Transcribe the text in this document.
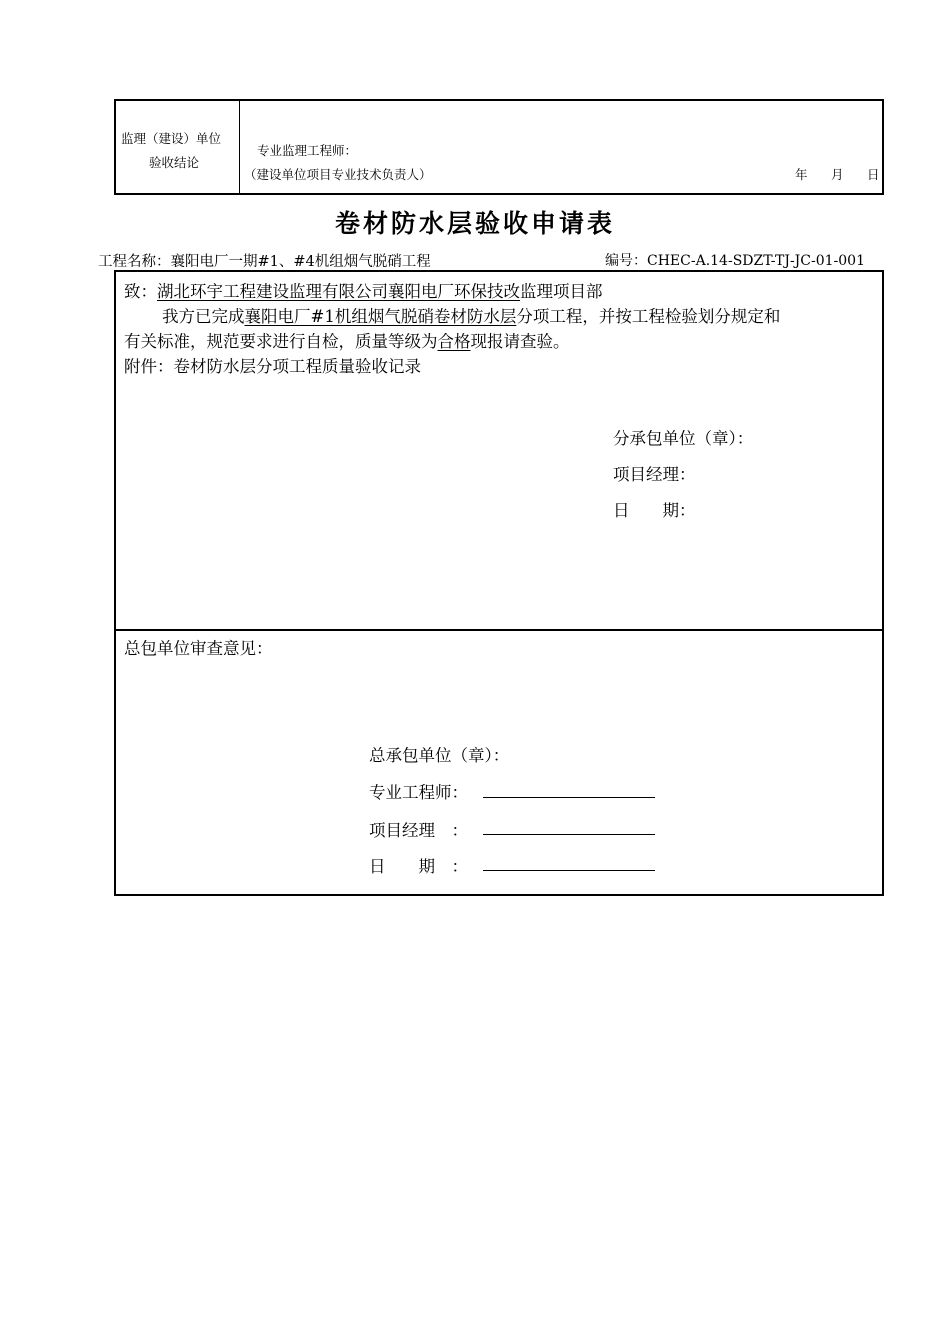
监理（建设）单位
验收结论
专业监理工程师：
（建设单位项目专业技术负责人）	年 月 日
卷材防水层验收申请表
工程名称：襄阳电厂一期#1、#4机组烟气脱硝工程	编号：CHEC-A.14-SDZT-TJ-JC-01-001
致：湖北环宇工程建设监理有限公司襄阳电厂环保技改监理项目部
我方已完成襄阳电厂#1机组烟气脱硝卷材防水层分项工程，并按工程检验划分规定和
有关标准，规范要求进行自检，质量等级为合格现报请查验。
附件：卷材防水层分项工程质量验收记录
分承包单位（章）：
项目经理：
日　　期：
总包单位审查意见：
总承包单位（章）：
专业工程师：
项目经理　：
日　　期　：
